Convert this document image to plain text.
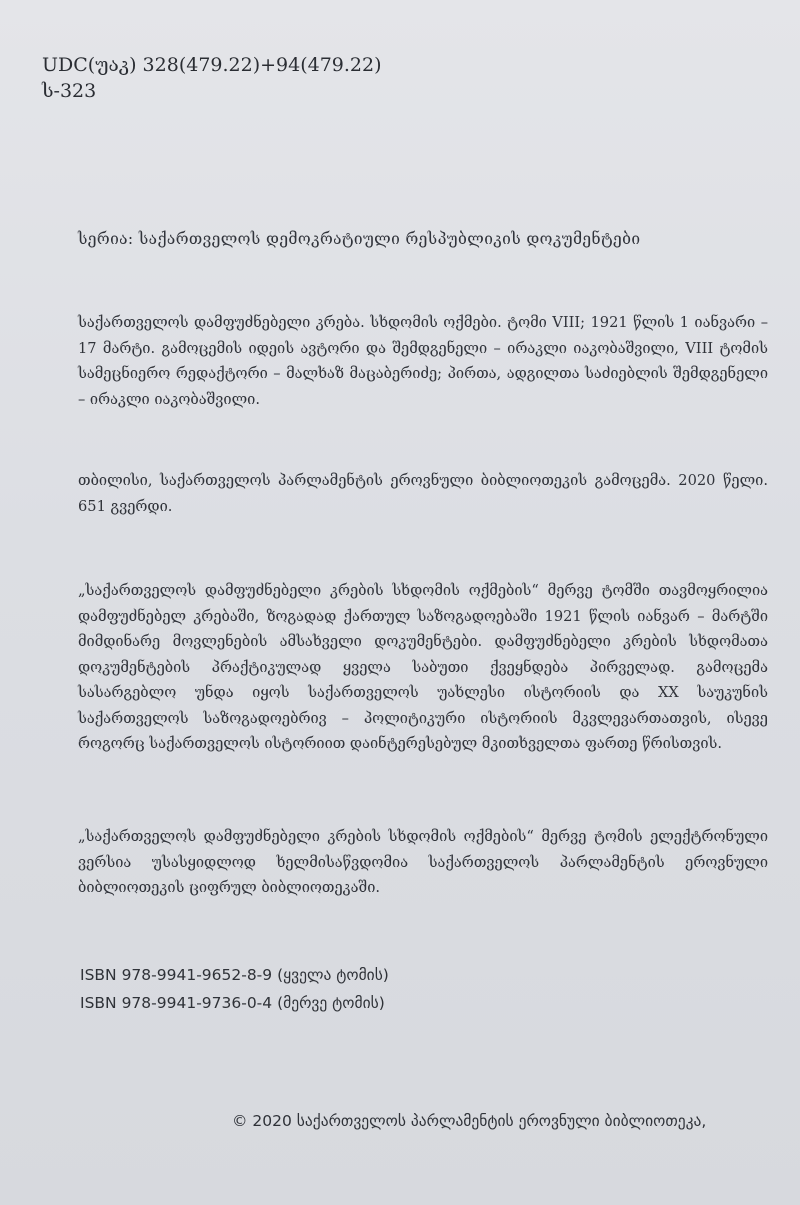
UDC(უაკ) 328(479.22)+94(479.22)
ს-323
სერია: საქართველოს დემოკრატიული რესპუბლიკის დოკუმენტები

საქართველოს დამფუძნებელი კრება. სხდომის ოქმები. ტომი VIII; 1921 წლის 1 იანვარი – 17 მარტი. გამოცემის იდეის ავტორი და შემდგენელი – ირაკლი იაკობაშვილი, VIII ტომის სამეცნიერო რედაქტორი – მალხაზ მაცაბერიძე; პირთა, ადგილთა საძიებლის შემდგენელი – ირაკლი იაკობაშვილი.

თბილისი, საქართველოს პარლამენტის ეროვნული ბიბლიოთეკის გამოცემა. 2020 წელი. 651 გვერდი.

„საქართველოს დამფუძნებელი კრების სხდომის ოქმების“ მერვე ტომში თავმოყრილია დამფუძნებელ კრებაში, ზოგადად ქართულ საზოგადოებაში 1921 წლის იანვარ – მარტში მიმდინარე მოვლენების ამსახველი დოკუმენტები. დამფუძნებელი კრების სხდომათა დოკუმენტების პრაქტიკულად ყველა საბუთი ქვეყნდება პირველად. გამოცემა სასარგებლო უნდა იყოს საქართველოს უახლესი ისტორიის და XX საუკუნის საქართველოს საზოგადოებრივ – პოლიტიკური ისტორიის მკვლევართათვის, ისევე როგორც საქართველოს ისტორიით დაინტერესებულ მკითხველთა ფართე წრისთვის.

„საქართველოს დამფუძნებელი კრების სხდომის ოქმების“ მერვე ტომის ელექტრონული ვერსია უსასყიდლოდ ხელმისაწვდომია საქართველოს პარლამენტის ეროვნული ბიბლიოთეკის ციფრულ ბიბლიოთეკაში.

ISBN 978-9941-9652-8-9 (ყველა ტომის)
ISBN 978-9941-9736-0-4 (მერვე ტომის)
© 2020 საქართველოს პარლამენტის ეროვნული ბიბლიოთეკა,
